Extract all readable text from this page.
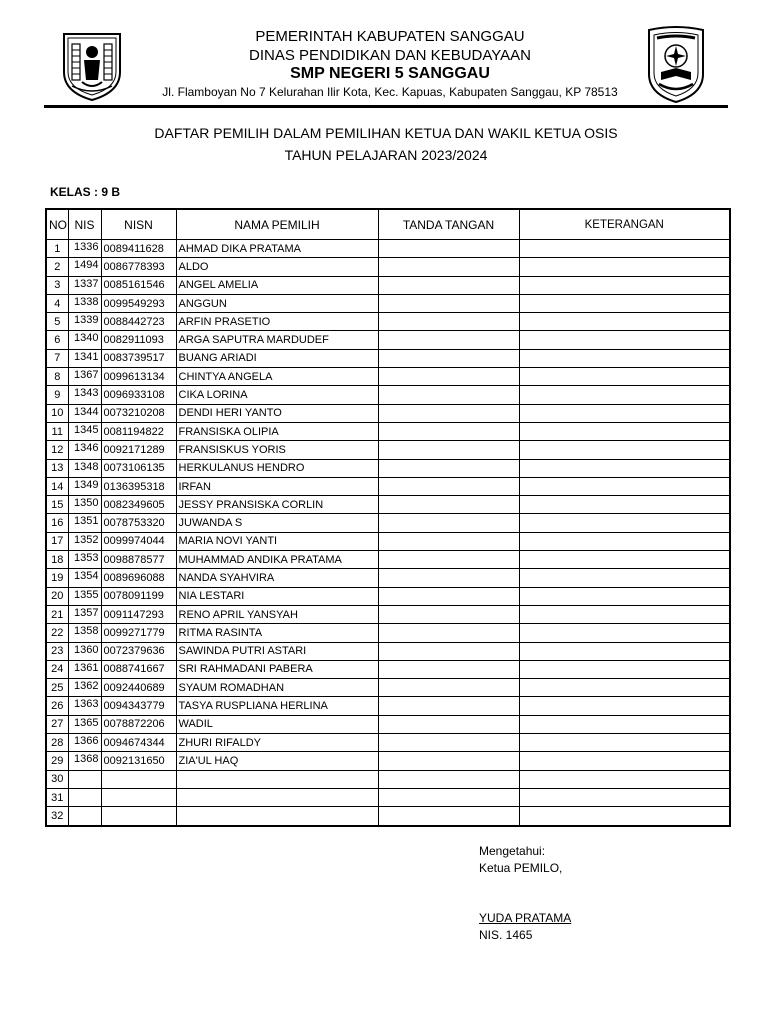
PEMERINTAH KABUPATEN SANGGAU
DINAS PENDIDIKAN DAN KEBUDAYAAN
SMP NEGERI 5 SANGGAU
Jl. Flamboyan No 7 Kelurahan Ilir Kota, Kec. Kapuas, Kabupaten Sanggau, KP 78513
DAFTAR PEMILIH DALAM PEMILIHAN KETUA DAN WAKIL KETUA OSIS
TAHUN PELAJARAN 2023/2024
KELAS : 9 B
NO	NIS	NISN	NAMA PEMILIH	TANDA TANGAN	KETERANGAN
1	1336	0089411628	AHMAD DIKA PRATAMA		
2	1494	0086778393	ALDO		
3	1337	0085161546	ANGEL AMELIA		
4	1338	0099549293	ANGGUN		
5	1339	0088442723	ARFIN PRASETIO		
6	1340	0082911093	ARGA SAPUTRA MARDUDEF		
7	1341	0083739517	BUANG ARIADI		
8	1367	0099613134	CHINTYA ANGELA		
9	1343	0096933108	CIKA LORINA		
10	1344	0073210208	DENDI HERI YANTO		
11	1345	0081194822	FRANSISKA OLIPIA		
12	1346	0092171289	FRANSISKUS YORIS		
13	1348	0073106135	HERKULANUS HENDRO		
14	1349	0136395318	IRFAN		
15	1350	0082349605	JESSY PRANSISKA CORLIN		
16	1351	0078753320	JUWANDA S		
17	1352	0099974044	MARIA NOVI YANTI		
18	1353	0098878577	MUHAMMAD ANDIKA PRATAMA		
19	1354	0089696088	NANDA SYAHVIRA		
20	1355	0078091199	NIA LESTARI		
21	1357	0091147293	RENO APRIL YANSYAH		
22	1358	0099271779	RITMA RASINTA		
23	1360	0072379636	SAWINDA PUTRI ASTARI		
24	1361	0088741667	SRI RAHMADANI PABERA		
25	1362	0092440689	SYAUM ROMADHAN		
26	1363	0094343779	TASYA RUSPLIANA HERLINA		
27	1365	0078872206	WADIL		
28	1366	0094674344	ZHURI RIFALDY		
29	1368	0092131650	ZIA'UL HAQ		
30					
31					
32					
Mengetahui:
Ketua PEMILO,
YUDA PRATAMA
NIS. 1465
